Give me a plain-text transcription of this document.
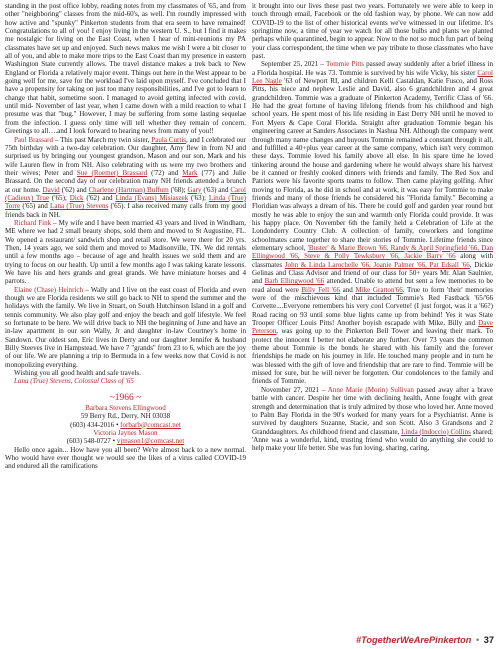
standing in the post office lobby, reading notes from my classmates of '65, and from other "neighboring" classes from the mid-60's, as well. I'm roundly impressed with how active and "spunky" Pinkerton students from that era seem to have remained! Congratulations to all of you! I enjoy living in the western U. S., but I find it makes me nostalgic for living on the East Coast, when I hear of mini-reunions my PA classmates have set up and enjoyed. Such news makes me wish I were a bit closer to all of you, and able to make more trips to the East Coast than my presence in eastern Washington State currently allows. The travel distance makes a trek back to New England or Florida a relatively major event. Things out here in the West appear to be going well for me, save for the workload I've laid upon myself. I've concluded that I have a propensity for taking on just too many responsibilities, and I've got to learn to change that habit, sometime soon. I managed to avoid getting infected with covid, until mid- November of last year, when I came down with a mild reaction to what I presume was that "bug." However, I may be suffering from some lasting sequelae from the infection. I guess only time will tell whether they remain of concern. Greetings to all….and I look forward to hearing news from many of you!!

Paul Brassard – This past March my twin sister, Paula Curtis, and I celebrated our 75th birthday with a two-day celebration. Our daughter, Amy flew in from NJ and surprised us by bringing our youngest grandson, Mason and our son, Mark and his wife Lauren flew in from NH. Also celebrating with us were my two brothers and their wives; Peter and Sue (Roemer) Brassard ('72) and Mark ('77) and Julie Brassard. On the second day of our celebration many NH friends attended a brunch at our home. David ('62) and Charlene (Hartman) Buffum ('68); Gary ('63) and Carol (Cadieux) True ('65); Dick ('62) and Linda (Evans) Misiaszek ('63); Linda (True) Torre ('65) and Lana (True) Stevens ('65). I also received many calls from my good friends back in NH.

Richard Fink – My wife and I have been married 43 years and lived in Windham, ME where we had 2 small beauty shops, sold them and moved to St Augustine, FL. We opened a restaurant/ sandwich shop and retail store. We were there for 20 yrs. Then, 14 years ago, we sold them and moved to Madisonville, TN. We did rentals until a few months ago – because of age and health issues we sold them and are trying to focus on our health. Up until a few months ago I was taking karate lessons. We have his and hers grands and great grands. We have miniature horses and 4 parrots.

Elaine (Chase) Heinrich – Wally and I live on the east coast of Florida and even though we are Florida residents we still go back to NH to spend the summer and the holidays with the family. We live in Stuart, on South Hutchinson Island in a golf and tennis community. We also play golf and enjoy the beach and golf lifestyle. We feel so fortunate to be here. We will drive back to NH the beginning of June and have an in-law apartment in our son Wally, Jr and daughter in-law Courtney's home in Sandown. Our oldest son, Eric lives in Derry and our daughter Jennifer & husband Billy Steeves live in Hampstead. We have 7 "grands" from 23 to 6, which are the joy of our life. We are planning a trip to Bermuda in a few weeks now that Covid is not monopolizing everything.

Wishing you all good health and safe travels.

Lana (True) Stevens, Colossal Class of '65

~1966 ~

Barbara Stevens Ellingwood
59 Berry Rd., Derry, NH 03038
(603) 434-2016 • forbarb@comcast.net
Victoria Jaynes Mason
(603) 548-0727 • vjmason1@comcast.net

Hello once again... How have you all been? We're almost back to a new normal. Who would have ever thought we would see the likes of a virus called COVID-19 and endured all the ramifications

it brought into our lives these past two years. Fortunately we were able to keep in touch through email, Facebook or the old fashion way, by phone. We can now add COVID-19 to the list of other historical events we've witnessed in our lifetime. It's springtime now, a time of year we watch for all those bulbs and plants we planted perhaps while quarantined, begin to appear. Now to the not so much fun part of being your class correspondent, the time when we pay tribute to those classmates who have past.

September 25, 2021 – Tommie Pitts passed away suddenly after a brief illness in a Florida hospital. He was 73. Tommie is survived by his wife Vicky, his sister Carol Lee Nagle '63 of Newport RI, and children Kelli Castaldan, Katie Fusco, and Ross Pitts, his niece and nephew Leslie and David, also 6 grandchildren and 4 great grandchildren. Tommie was a graduate of Pinkerton Academy, Terrific Class of '66. He had the great fortune of having lifelong friends from his childhood and high school years. He spent most of his life residing in East Derry NH until he moved to Fort Myers & Cape Coral Florida. Straight after graduation Tommie began his engineering career at Sanders Associates in Nashua NH. Although the company went through many name changes and buyouts Tommie remained a constant through it all, and fulfilled a 40+plus year career at the same company, which isn't very common these days. Tommie loved his family above all else. In his spare time he loved tinkering around the house and gardening where he would always share his harvest be it canned or freshly cooked dinners with friends and family. The Red Sox and Patriots were his favorite sports teams to follow. Then came playing golfing. After moving to Florida, as he did in school and at work, it was easy for Tommie to make friends and many of those friends he considered his "Florida family." Becoming a Floridian was always a dream of his. There he could golf and garden year round but mostly he was able to enjoy the sun and warmth only Florida could provide. It was his happy place. On November 6th the family held a Celebration of Life at the Londonderry Country Club. A collection of family, coworkers and longtime schoolmates came together to share their stories of Tommie. Lifetime friends since elementary school, 'Buster' & Marie Brown '66, Randy & April Springfield '66, Dan Ellingwood '66, Steve & Polly Tewksbury '66, Jackie Barry '66 along with classmates John & Linda Larochelle '66, Joanie Palmer '66, Pat Edsall '66, Dickie Gelinas and Class Advisor and friend of our class for 50+ years Mr. Alan Saulnier, and Barb Ellingwood '66 attended. Unable to attend but sent a few memories to be read aloud were Billy Fell '66 and Mike Gratton'66. True to form 'their' memories were of the mischievous kind that included Tommie's Red Fastback '65/'66 Corvette....Everyone remembers his very cool Corvette! (I just forgot, was it a '66?) Road racing on 93 until some blue lights came up from behind! Yes it was State Trooper Officer Louis Pitts! Another boyish escapade with Mike, Billy and Dave Peterson, was going up to the Pinkerton Bell Tower and leaving their mark. To protect the innocent I better not elaborate any further. Over 73 years the common theme about Tommie is the bonds he shared with his family and the forever friendships he made on his journey in life. He touched many people and in turn he was blessed with the gift of love and friendship that are rare to find. Tommie will be missed for sure, but he will never be forgotten. Our condolences to the family and friends of Tommie.

November 27, 2021 – Anne Marie (Morin) Sullivan passed away after a brave battle with cancer. Despite her time with declining health, Anne fought with great strength and determination that is truly admired by those who loved her. Anne moved to Palm Bay Florida in the 90's worked for many years for a Psychiatrist. Anne is survived by daughters Suzanne, Stacie, and son Scott. Also 3 Grandsons and 2 Granddaughters. As childhood friend and classmate, Linda (Indoccio) Collins shared; 'Anne was a wonderful, kind, trusting friend who would do anything she could to help make your life better. She was fun loving, sharing, caring,

#TogetherWeArePinkerton • 37
